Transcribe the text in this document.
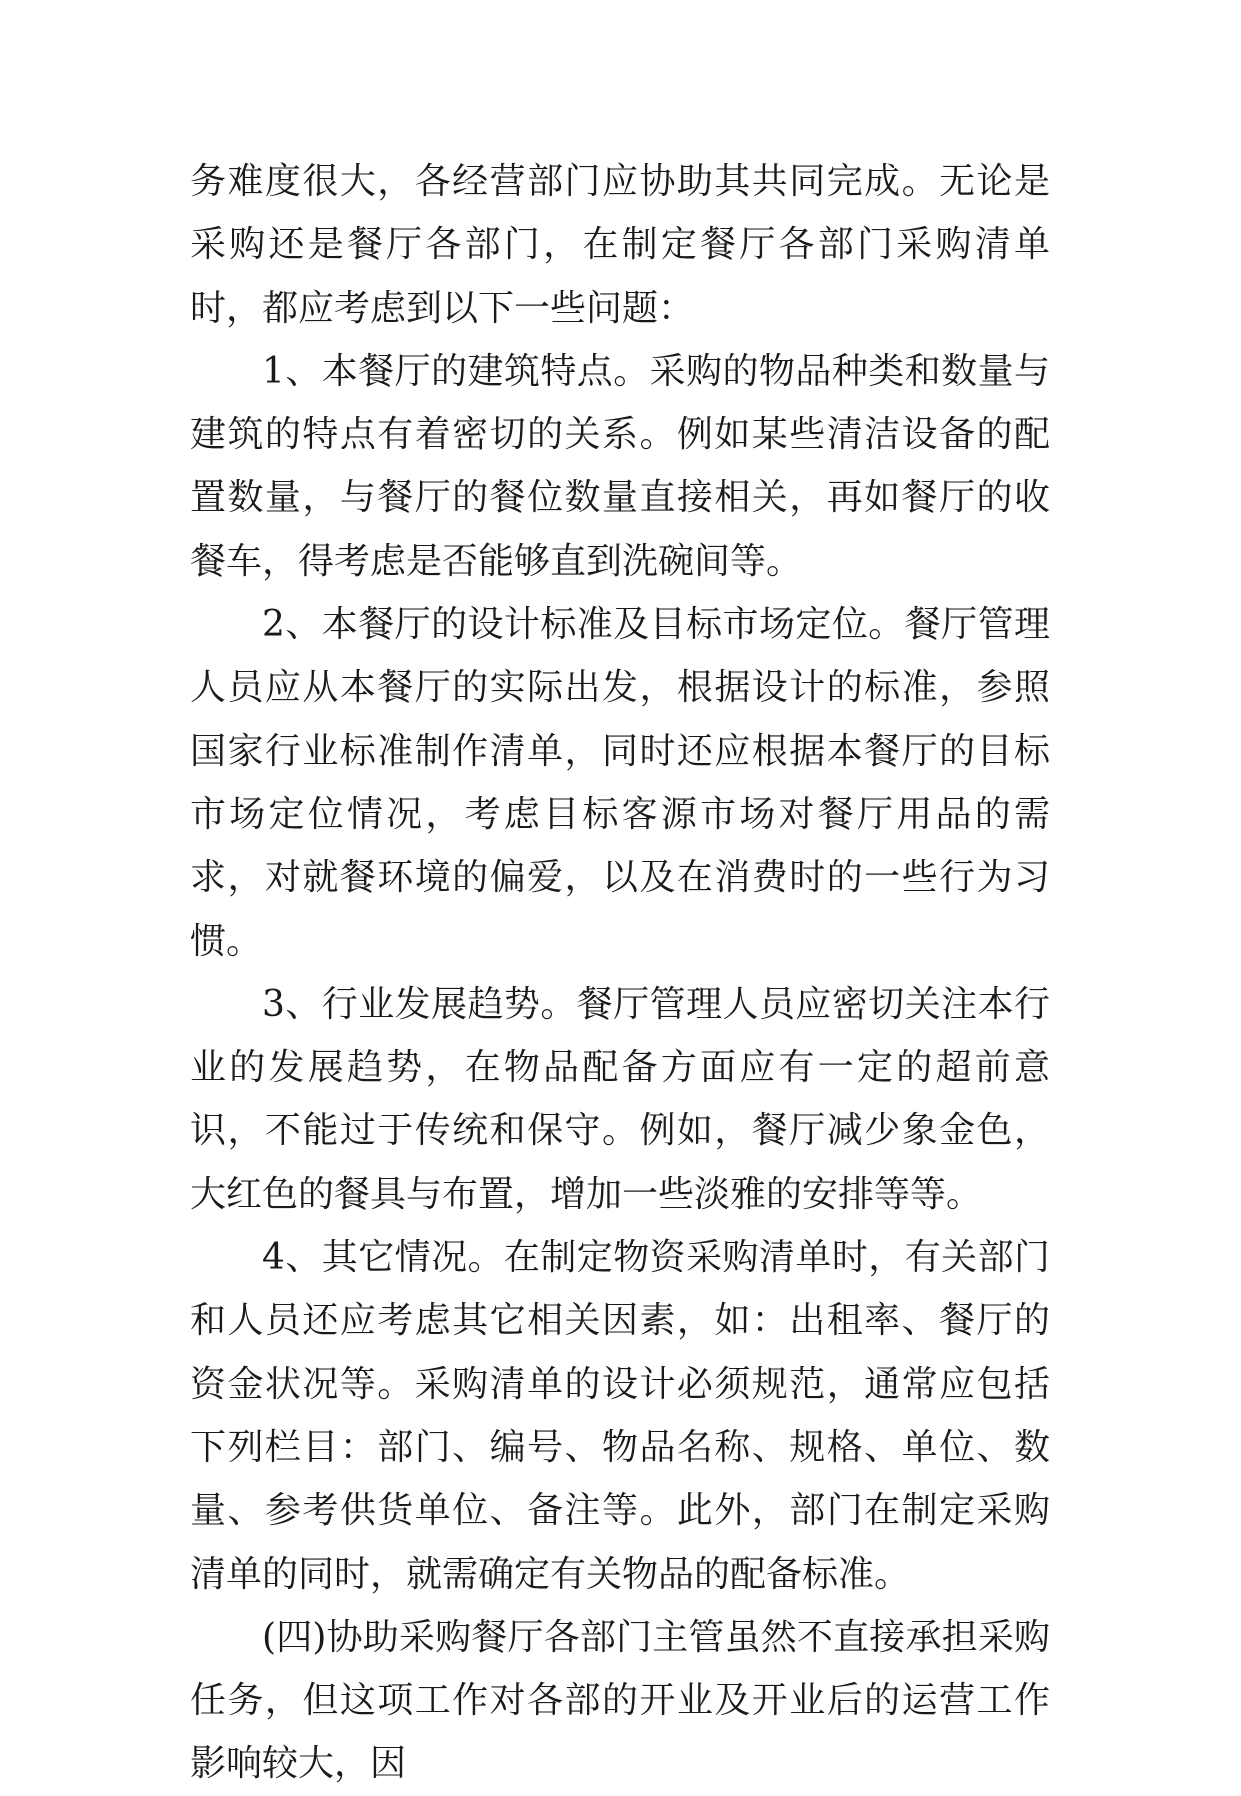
务难度很大，各经营部门应协助其共同完成。无论是采购还是餐厅各部门，在制定餐厅各部门采购清单时，都应考虑到以下一些问题：

1、本餐厅的建筑特点。采购的物品种类和数量与建筑的特点有着密切的关系。例如某些清洁设备的配置数量，与餐厅的餐位数量直接相关，再如餐厅的收餐车，得考虑是否能够直到洗碗间等。

2、本餐厅的设计标准及目标市场定位。餐厅管理人员应从本餐厅的实际出发，根据设计的标准，参照国家行业标准制作清单，同时还应根据本餐厅的目标市场定位情况，考虑目标客源市场对餐厅用品的需求，对就餐环境的偏爱，以及在消费时的一些行为习惯。

3、行业发展趋势。餐厅管理人员应密切关注本行业的发展趋势，在物品配备方面应有一定的超前意识，不能过于传统和保守。例如，餐厅减少象金色，大红色的餐具与布置，增加一些淡雅的安排等等。

4、其它情况。在制定物资采购清单时，有关部门和人员还应考虑其它相关因素，如：出租率、餐厅的资金状况等。采购清单的设计必须规范，通常应包括下列栏目：部门、编号、物品名称、规格、单位、数量、参考供货单位、备注等。此外，部门在制定采购清单的同时，就需确定有关物品的配备标准。

(四)协助采购餐厅各部门主管虽然不直接承担采购任务，但这项工作对各部的开业及开业后的运营工作影响较大，因
